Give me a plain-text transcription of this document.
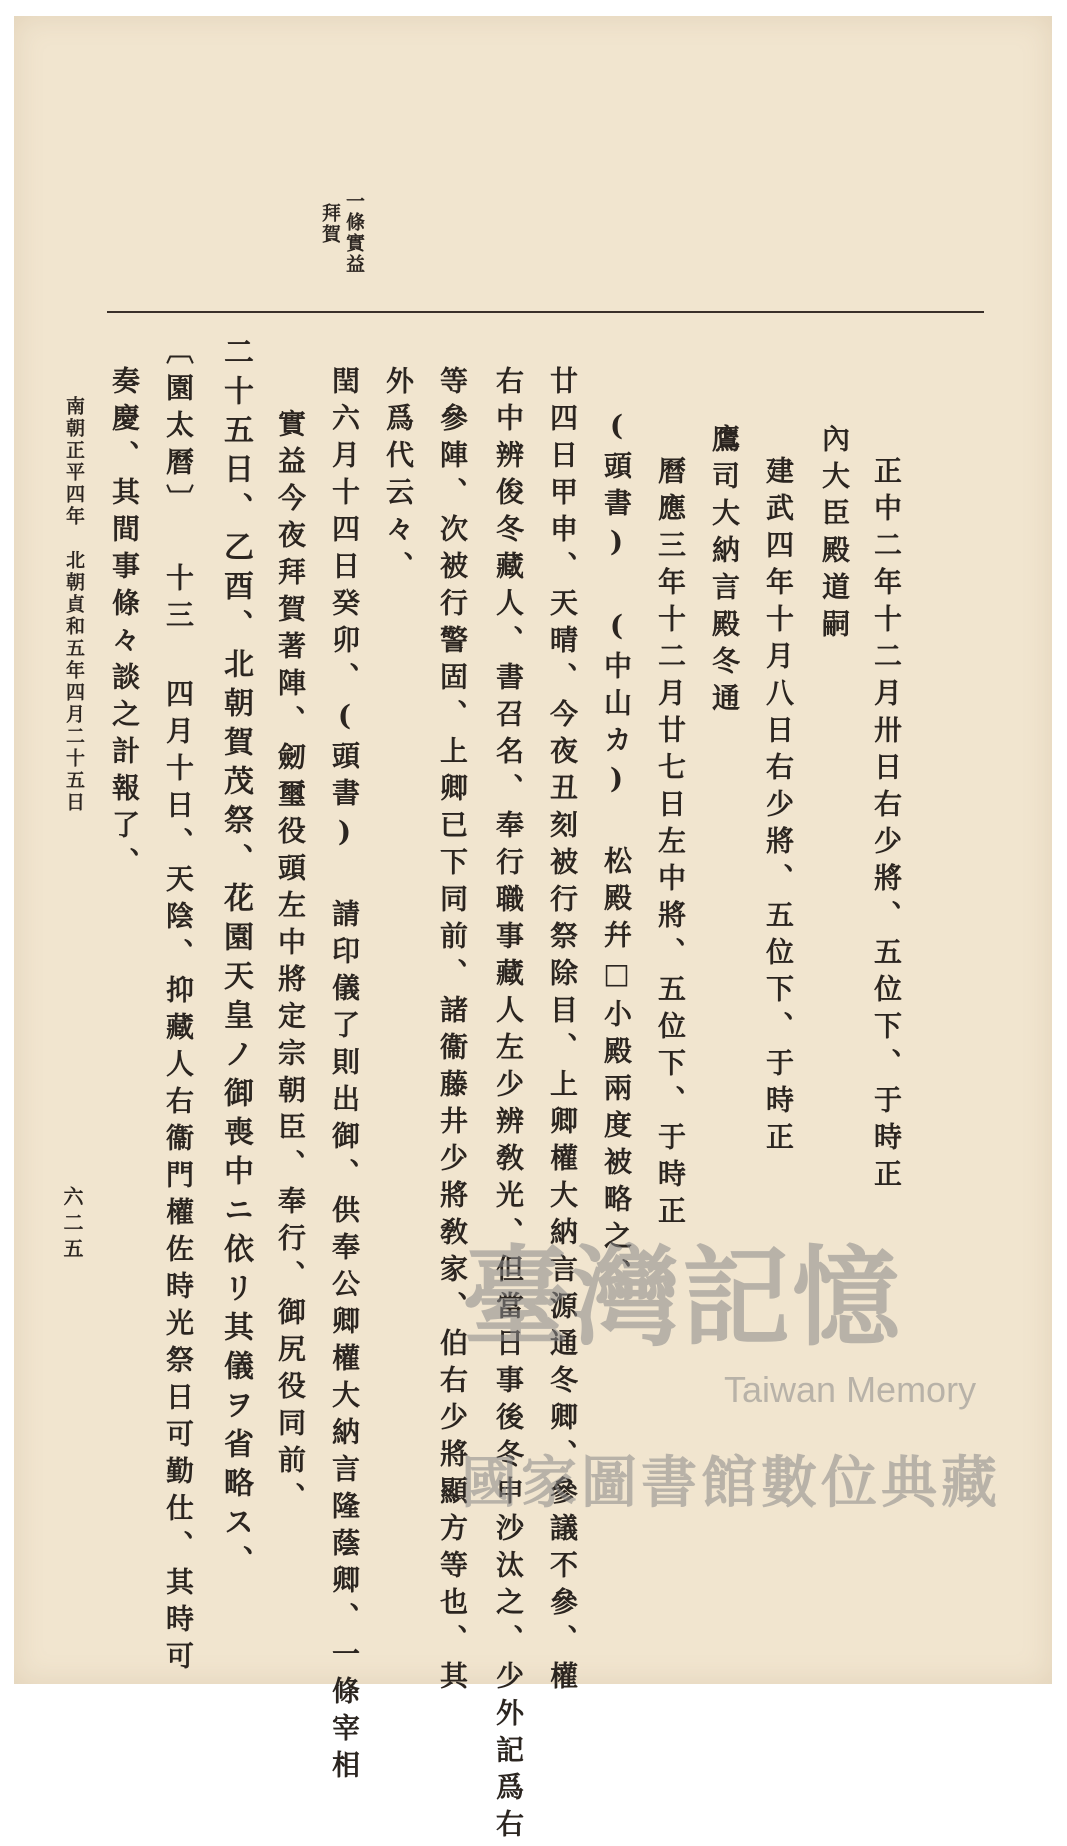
一條實益
拜賀
正中二年十二月卅日右少將、五位下、于時正
內大臣殿道嗣
建武四年十月八日右少將、五位下、于時正
鷹司大納言殿冬通
曆應三年十二月廿七日左中將、五位下、于時正
(頭書) (中山カ) 松殿幷□小殿兩度被略之、
廿四日甲申、天晴、今夜丑刻被行祭除目、上卿權大納言源通冬卿、參議不參、權
右中辨俊冬藏人、書召名、奉行職事藏人左少辨敎光、但當日事後冬申沙汰之、少外記爲右
等參陣、次被行警固、上卿已下同前、諸衞藤井少將敎家、伯右少將顯方等也、其
外爲代云々、
閏六月十四日癸卯、(頭書) 請印儀了則出御、供奉公卿權大納言隆蔭卿、一條宰相
實益今夜拜賀著陣、劒璽役頭左中將定宗朝臣、奉行、御尻役同前、
二十五日、乙酉、北朝賀茂祭、花園天皇ノ御喪中ニ依リ其儀ヲ省略ス、
〔園太曆〕 十三 四月十日、天陰、抑藏人右衞門權佐時光祭日可勤仕、其時可
奏慶、其間事條々談之計報了、
南朝正平四年　北朝貞和五年四月二十五日
六二五
臺灣記憶
Taiwan Memory
國家圖書館數位典藏
